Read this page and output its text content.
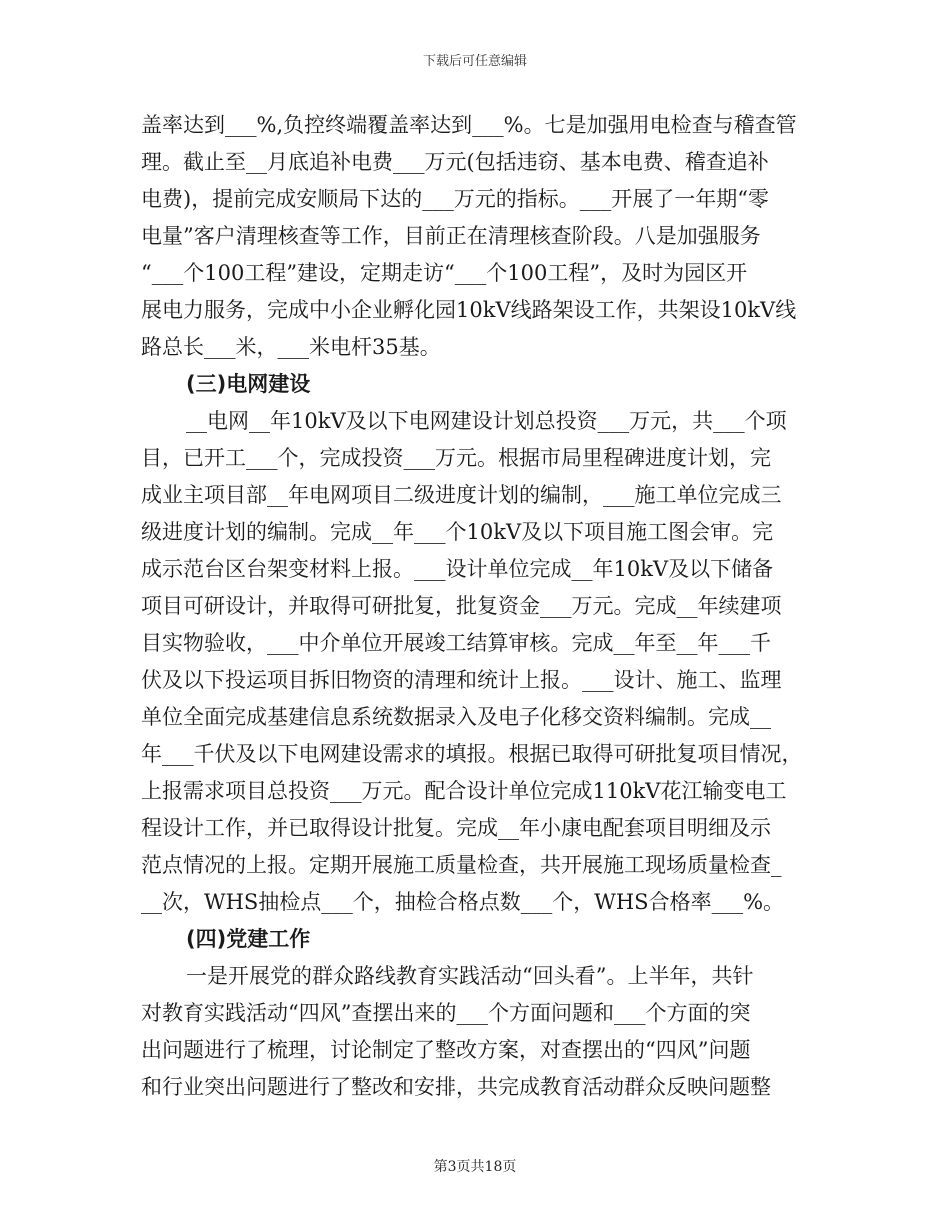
下载后可任意编辑
盖率达到___%,负控终端覆盖率达到___%。七是加强用电检查与稽查管
理。截止至__月底追补电费___万元(包括违窃、基本电费、稽查追补
电费)，提前完成安顺局下达的___万元的指标。___开展了一年期“零
电量”客户清理核查等工作，目前正在清理核查阶段。八是加强服务
“___个100工程”建设，定期走访“___个100工程”，及时为园区开
展电力服务，完成中小企业孵化园10kV线路架设工作，共架设10kV线
路总长___米，___米电杆35基。
(三)电网建设
__电网__年10kV及以下电网建设计划总投资___万元，共___个项
目，已开工___个，完成投资___万元。根据市局里程碑进度计划，完
成业主项目部__年电网项目二级进度计划的编制，___施工单位完成三
级进度计划的编制。完成__年___个10kV及以下项目施工图会审。完
成示范台区台架变材料上报。___设计单位完成__年10kV及以下储备
项目可研设计，并取得可研批复，批复资金___万元。完成__年续建项
目实物验收，___中介单位开展竣工结算审核。完成__年至__年___千
伏及以下投运项目拆旧物资的清理和统计上报。___设计、施工、监理
单位全面完成基建信息系统数据录入及电子化移交资料编制。完成__
年___千伏及以下电网建设需求的填报。根据已取得可研批复项目情况，
上报需求项目总投资___万元。配合设计单位完成110kV花江输变电工
程设计工作，并已取得设计批复。完成__年小康电配套项目明细及示
范点情况的上报。定期开展施工质量检查，共开展施工现场质量检查_
__次，WHS抽检点___个，抽检合格点数___个，WHS合格率___%。
(四)党建工作
一是开展党的群众路线教育实践活动“回头看”。上半年，共针
对教育实践活动“四风”查摆出来的___个方面问题和___个方面的突
出问题进行了梳理，讨论制定了整改方案，对查摆出的“四风”问题
和行业突出问题进行了整改和安排，共完成教育活动群众反映问题整
第3页共18页
